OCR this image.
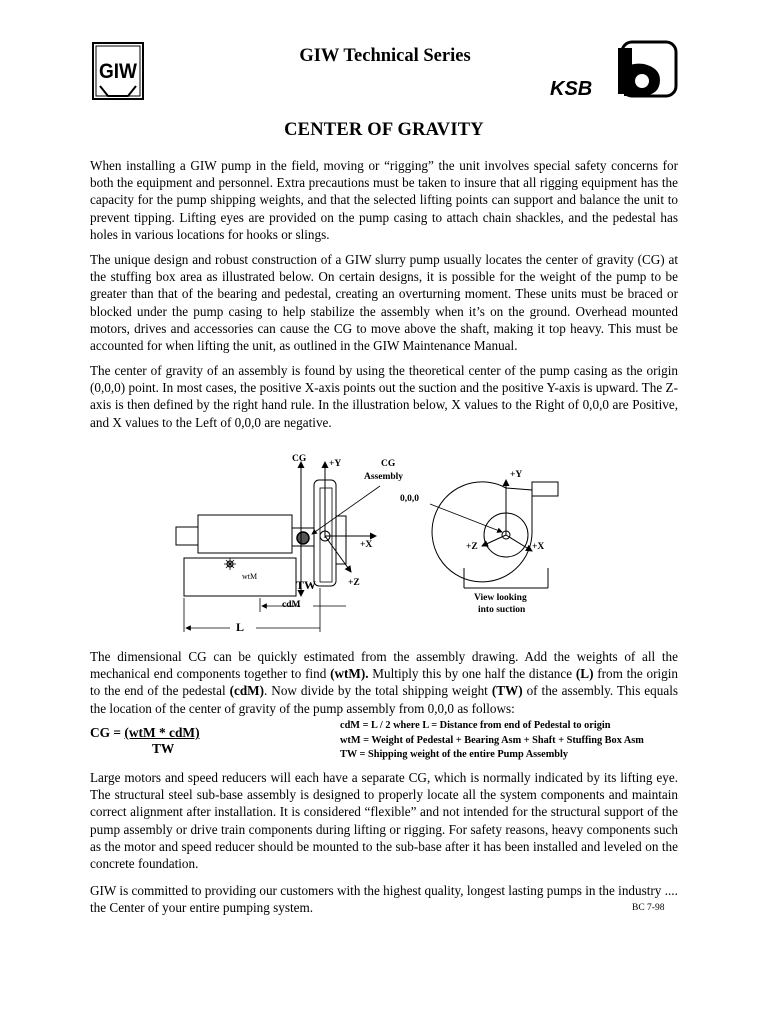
GIW
GIW Technical Series
KSB
CENTER OF GRAVITY
When installing a GIW pump in the field, moving or “rigging” the unit involves special safety concerns for both the equipment and personnel. Extra precautions must be taken to insure that all rigging equipment has the capacity for the pump shipping weights, and that the selected lifting points can support and balance the unit to prevent tipping. Lifting eyes are provided on the pump casing to attach chain shackles, and the pedestal has holes in various locations for hooks or slings.
The unique design and robust construction of a GIW slurry pump usually locates the center of gravity (CG) at the stuffing box area as illustrated below. On certain designs, it is possible for the weight of the pump to be greater than that of the bearing and pedestal, creating an overturning moment. These units must be braced or blocked under the pump casing to help stabilize the assembly when it’s on the ground. Overhead mounted motors, drives and accessories can cause the CG to move above the shaft, making it top heavy. This must be accounted for when lifting the unit, as outlined in the GIW Maintenance Manual.
The center of gravity of an assembly is found by using the theoretical center of the pump casing as the origin (0,0,0) point. In most cases, the positive X-axis points out the suction and the positive Y-axis is upward. The Z-axis is then defined by the right hand rule. In the illustration below, X values to the Right of 0,0,0 are Positive, and X values to the Left of 0,0,0 are negative.
CG +Y	CG
Assembly
0,0,0
+X
+Z
wtM
TW
cdM
L
+Y
+Z	+X
View looking
into suction
The dimensional CG can be quickly estimated from the assembly drawing. Add the weights of all the mechanical end components together to find (wtM). Multiply this by one half the distance (L) from the origin to the end of the pedestal (cdM). Now divide by the total shipping weight (TW) of the assembly. This equals the location of the center of gravity of the pump assembly from 0,0,0 as follows:
CG = (wtM * cdM)
TW
cdM = L / 2 where L = Distance from end of Pedestal to origin
wtM = Weight of Pedestal + Bearing Asm + Shaft + Stuffing Box Asm
TW = Shipping weight of the entire Pump Assembly
Large motors and speed reducers will each have a separate CG, which is normally indicated by its lifting eye. The structural steel sub-base assembly is designed to properly locate all the system components and maintain correct alignment after installation. It is considered “flexible” and not intended for the structural support of the pump assembly or drive train components during lifting or rigging. For safety reasons, heavy components such as the motor and speed reducer should be mounted to the sub-base after it has been installed and leveled on the concrete foundation.
GIW is committed to providing our customers with the highest quality, longest lasting pumps in the industry .... the Center of your entire pumping system.	BC 7-98
